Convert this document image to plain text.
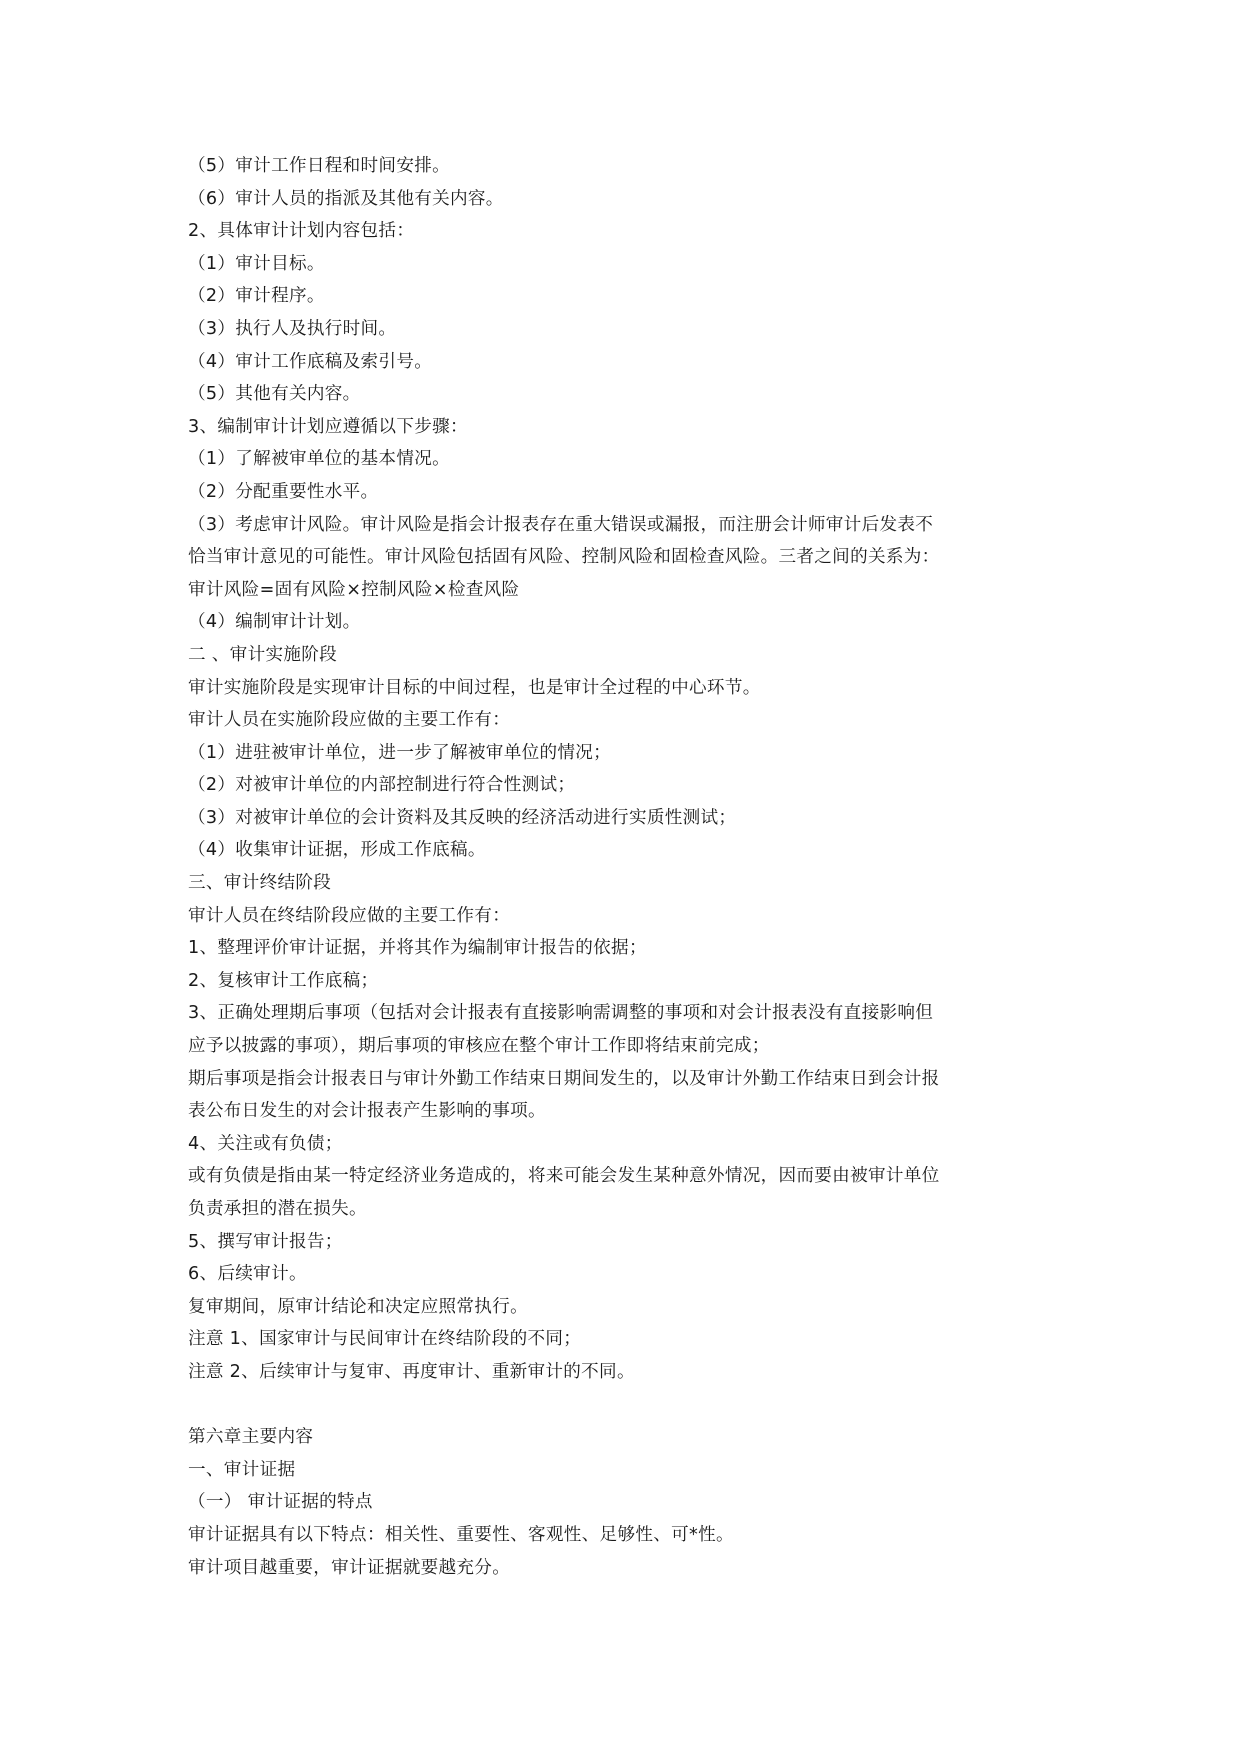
（5）审计工作日程和时间安排。
（6）审计人员的指派及其他有关内容。
2、具体审计计划内容包括：
（1）审计目标。
（2）审计程序。
（3）执行人及执行时间。
（4）审计工作底稿及索引号。
（5）其他有关内容。
3、编制审计计划应遵循以下步骤：
（1）了解被审单位的基本情况。
（2）分配重要性水平。
（3）考虑审计风险。审计风险是指会计报表存在重大错误或漏报，而注册会计师审计后发表不
恰当审计意见的可能性。审计风险包括固有风险、控制风险和固检查风险。三者之间的关系为：
审计风险=固有风险×控制风险×检查风险
（4）编制审计计划。
二 、审计实施阶段
审计实施阶段是实现审计目标的中间过程，也是审计全过程的中心环节。
审计人员在实施阶段应做的主要工作有：
（1）进驻被审计单位，进一步了解被审单位的情况；
（2）对被审计单位的内部控制进行符合性测试；
（3）对被审计单位的会计资料及其反映的经济活动进行实质性测试；
（4）收集审计证据，形成工作底稿。
三、审计终结阶段
审计人员在终结阶段应做的主要工作有：
1、整理评价审计证据，并将其作为编制审计报告的依据；
2、复核审计工作底稿；
3、正确处理期后事项（包括对会计报表有直接影响需调整的事项和对会计报表没有直接影响但
应予以披露的事项），期后事项的审核应在整个审计工作即将结束前完成；
期后事项是指会计报表日与审计外勤工作结束日期间发生的，以及审计外勤工作结束日到会计报
表公布日发生的对会计报表产生影响的事项。
4、关注或有负债；
或有负债是指由某一特定经济业务造成的，将来可能会发生某种意外情况，因而要由被审计单位
负责承担的潜在损失。
5、撰写审计报告；
6、后续审计。
复审期间，原审计结论和决定应照常执行。
注意 1、国家审计与民间审计在终结阶段的不同；
注意 2、后续审计与复审、再度审计、重新审计的不同。
第六章主要内容
一、审计证据
（一） 审计证据的特点
审计证据具有以下特点：相关性、重要性、客观性、足够性、可*性。
审计项目越重要，审计证据就要越充分。
